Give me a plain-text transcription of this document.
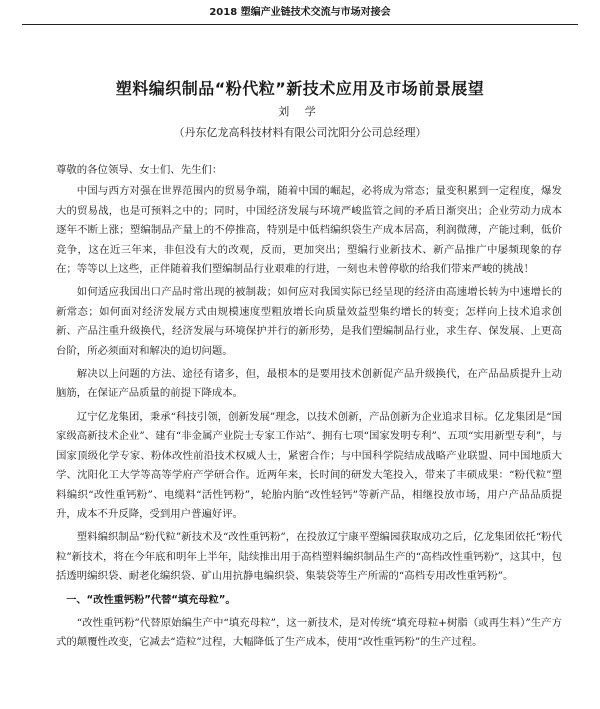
2018 塑编产业链技术交流与市场对接会
塑料编织制品“粉代粒”新技术应用及市场前景展望
刘 学
（丹东亿龙高科技材料有限公司沈阳分公司总经理）

尊敬的各位领导、女士们、先生们：

中国与西方对强在世界范围内的贸易争端，随着中国的崛起，必将成为常态；量变积累到一定程度，爆发大的贸易战，也是可预料之中的；同时，中国经济发展与环境严峻监管之间的矛盾日渐突出；企业劳动力成本逐年不断上涨；塑编制品产量上的不停推高，特别是中低档编织袋生产成本居高，利润微薄，产能过剩，低价竞争，这在近三年来，非但没有大的改观，反而，更加突出；塑编行业新技术、新产品推广中屡频现象的存在；等等以上这些，正伴随着我们塑编制品行业艰难的行进，一刻也未曾停歇的给我们带来严峻的挑战！

如何适应我国出口产品时常出现的被制裁；如何应对我国实际已经呈现的经济由高速增长转为中速增长的新常态；如何面对经济发展方式由规模速度型粗放增长向质量效益型集约增长的转变；怎样向上技术追求创新、产品注重升级换代，经济发展与环境保护并行的新形势，是我们塑编制品行业，求生存、保发展、上更高台阶，所必须面对和解决的迫切问题。

解决以上问题的方法、途径有诸多，但，最根本的是要用技术创新促产品升级换代，在产品品质提升上动脑筋，在保证产品质量的前提下降成本。

辽宁亿龙集团，秉承“科技引领，创新发展”理念，以技术创新，产品创新为企业追求目标。亿龙集团是“国家级高新技术企业”、建有“非金属产业院士专家工作站”、拥有七项“国家发明专利”、五项“实用新型专利”，与国家顶级化学专家、粉体改性前沿技术权威人士，紧密合作；与中国科学院结成战略产业联盟、同中国地质大学、沈阳化工大学等高等学府产学研合作。近两年来，长时间的研发大笔投入，带来了丰硕成果：“粉代粒”塑料编织“改性重钙粉”、电缆料“活性钙粉”，轮胎内胎“改性轻钙”等新产品，相继投放市场，用户产品品质提升，成本不升反降，受到用户普遍好评。

塑料编织制品“粉代粒”新技术及“改性重钙粉”，在投放辽宁康平塑编园获取成功之后，亿龙集团依托“粉代粒”新技术，将在今年底和明年上半年，陆续推出用于高档塑料编织制品生产的“高档改性重钙粉”，这其中，包括透明编织袋、耐老化编织袋、矿山用抗静电编织袋、集装袋等生产所需的“高档专用改性重钙粉”。

一、“改性重钙粉”代替“填充母粒”。

“改性重钙粉”代替原始编生产中“填充母粒”，这一新技术，是对传统“填充母粒+树脂（或再生料）”生产方式的颠覆性改变，它减去“造粒”过程，大幅降低了生产成本，使用“改性重钙粉”的生产过程。
